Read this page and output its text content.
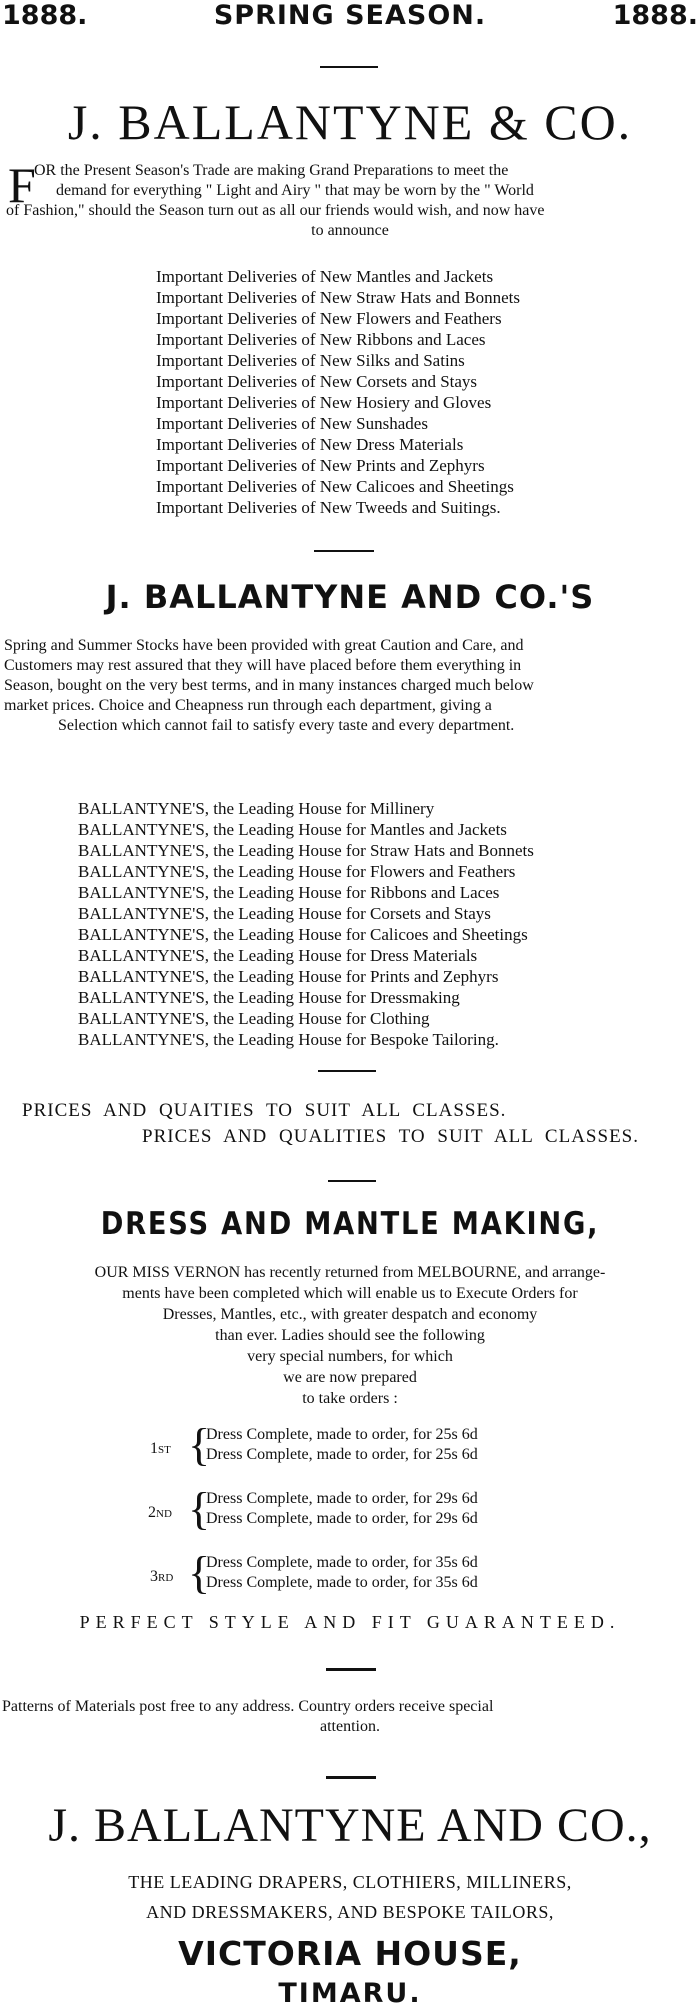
1888.	SPRING SEASON.	1888.
J. BALLANTYNE & CO.
F
OR the Present Season's Trade are making Grand Preparations to meet the
demand for everything " Light and Airy " that may be worn by the " World
of Fashion," should the Season turn out as all our friends would wish, and now have
to announce
Important Deliveries of New Mantles and Jackets
Important Deliveries of New Straw Hats and Bonnets
Important Deliveries of New Flowers and Feathers
Important Deliveries of New Ribbons and Laces
Important Deliveries of New Silks and Satins
Important Deliveries of New Corsets and Stays
Important Deliveries of New Hosiery and Gloves
Important Deliveries of New Sunshades
Important Deliveries of New Dress Materials
Important Deliveries of New Prints and Zephyrs
Important Deliveries of New Calicoes and Sheetings
Important Deliveries of New Tweeds and Suitings.
J. BALLANTYNE AND CO.'S
Spring and Summer Stocks have been provided with great Caution and Care, and
Customers may rest assured that they will have placed before them everything in
Season, bought on the very best terms, and in many instances charged much below
market prices. Choice and Cheapness run through each department, giving a
Selection which cannot fail to satisfy every taste and every department.
BALLANTYNE'S, the Leading House for Millinery
BALLANTYNE'S, the Leading House for Mantles and Jackets
BALLANTYNE'S, the Leading House for Straw Hats and Bonnets
BALLANTYNE'S, the Leading House for Flowers and Feathers
BALLANTYNE'S, the Leading House for Ribbons and Laces
BALLANTYNE'S, the Leading House for Corsets and Stays
BALLANTYNE'S, the Leading House for Calicoes and Sheetings
BALLANTYNE'S, the Leading House for Dress Materials
BALLANTYNE'S, the Leading House for Prints and Zephyrs
BALLANTYNE'S, the Leading House for Dressmaking
BALLANTYNE'S, the Leading House for Clothing
BALLANTYNE'S, the Leading House for Bespoke Tailoring.
PRICES AND QUAITIES TO SUIT ALL CLASSES.
PRICES AND QUALITIES TO SUIT ALL CLASSES.
DRESS AND MANTLE MAKING,
OUR MISS VERNON has recently returned from MELBOURNE, and arrange-
ments have been completed which will enable us to Execute Orders for
Dresses, Mantles, etc., with greater despatch and economy
than ever. Ladies should see the following
very special numbers, for which
we are now prepared
to take orders :
1st {
Dress Complete, made to order, for 25s 6d
Dress Complete, made to order, for 25s 6d
2nd {
Dress Complete, made to order, for 29s 6d
Dress Complete, made to order, for 29s 6d
3rd {
Dress Complete, made to order, for 35s 6d
Dress Complete, made to order, for 35s 6d
PERFECT STYLE AND FIT GUARANTEED.
Patterns of Materials post free to any address. Country orders receive special
attention.
J. BALLANTYNE AND CO.,
THE LEADING DRAPERS, CLOTHIERS, MILLINERS,
AND DRESSMAKERS, AND BESPOKE TAILORS,
VICTORIA HOUSE,
TIMARU.
